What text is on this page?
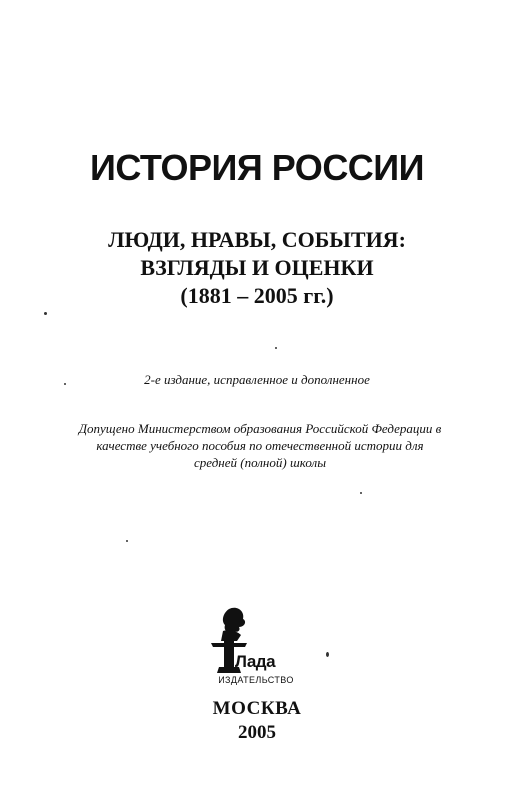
ИСТОРИЯ РОССИИ
ЛЮДИ, НРАВЫ, СОБЫТИЯ:
ВЗГЛЯДЫ И ОЦЕНКИ
(1881 – 2005 гг.)
2-е издание, исправленное и дополненное
Допущено Министерством образования Российской Федерации в
качестве учебного пособия по отечественной истории для
средней (полной) школы
Лада
ИЗДАТЕЛЬСТВО
МОСКВА
2005
